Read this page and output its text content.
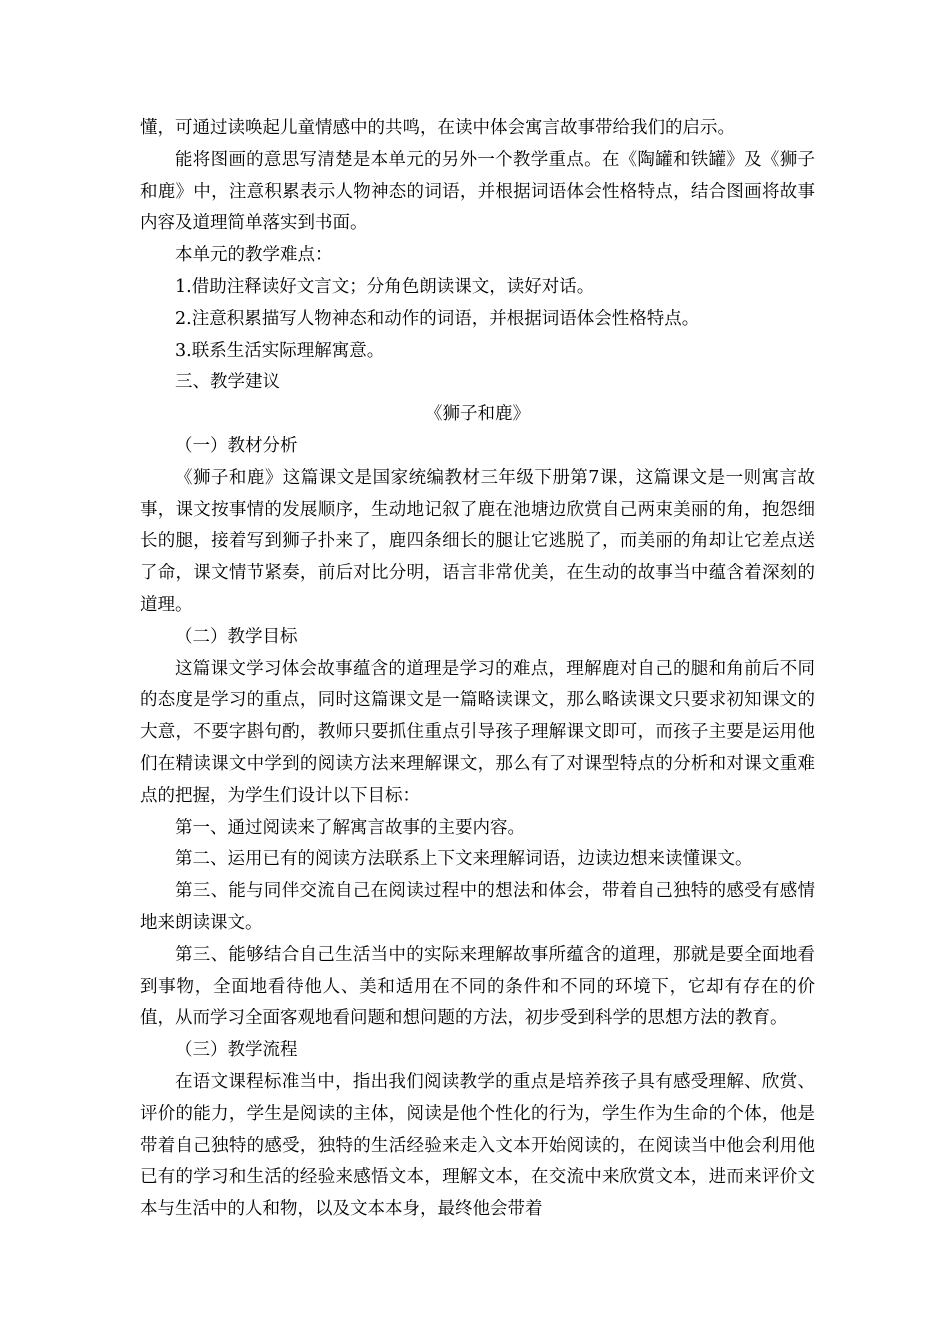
懂，可通过读唤起儿童情感中的共鸣，在读中体会寓言故事带给我们的启示。

能将图画的意思写清楚是本单元的另外一个教学重点。在《陶罐和铁罐》及《狮子和鹿》中，注意积累表示人物神态的词语，并根据词语体会性格特点，结合图画将故事内容及道理简单落实到书面。

本单元的教学难点：

1.借助注释读好文言文；分角色朗读课文，读好对话。

2.注意积累描写人物神态和动作的词语，并根据词语体会性格特点。

3.联系生活实际理解寓意。

三、教学建议

《狮子和鹿》

（一）教材分析

《狮子和鹿》这篇课文是国家统编教材三年级下册第7课，这篇课文是一则寓言故事，课文按事情的发展顺序，生动地记叙了鹿在池塘边欣赏自己两束美丽的角，抱怨细长的腿，接着写到狮子扑来了，鹿四条细长的腿让它逃脱了，而美丽的角却让它差点送了命，课文情节紧奏，前后对比分明，语言非常优美，在生动的故事当中蕴含着深刻的道理。

（二）教学目标

这篇课文学习体会故事蕴含的道理是学习的难点，理解鹿对自己的腿和角前后不同的态度是学习的重点，同时这篇课文是一篇略读课文，那么略读课文只要求初知课文的大意，不要字斟句酌，教师只要抓住重点引导孩子理解课文即可，而孩子主要是运用他们在精读课文中学到的阅读方法来理解课文，那么有了对课型特点的分析和对课文重难点的把握，为学生们设计以下目标：

第一、通过阅读来了解寓言故事的主要内容。

第二、运用已有的阅读方法联系上下文来理解词语，边读边想来读懂课文。

第三、能与同伴交流自己在阅读过程中的想法和体会，带着自己独特的感受有感情地来朗读课文。

第三、能够结合自己生活当中的实际来理解故事所蕴含的道理，那就是要全面地看到事物，全面地看待他人、美和适用在不同的条件和不同的环境下，它却有存在的价值，从而学习全面客观地看问题和想问题的方法，初步受到科学的思想方法的教育。

（三）教学流程

在语文课程标准当中，指出我们阅读教学的重点是培养孩子具有感受理解、欣赏、评价的能力，学生是阅读的主体，阅读是他个性化的行为，学生作为生命的个体，他是带着自己独特的感受，独特的生活经验来走入文本开始阅读的，在阅读当中他会利用他已有的学习和生活的经验来感悟文本，理解文本，在交流中来欣赏文本，进而来评价文本与生活中的人和物，以及文本本身，最终他会带着
